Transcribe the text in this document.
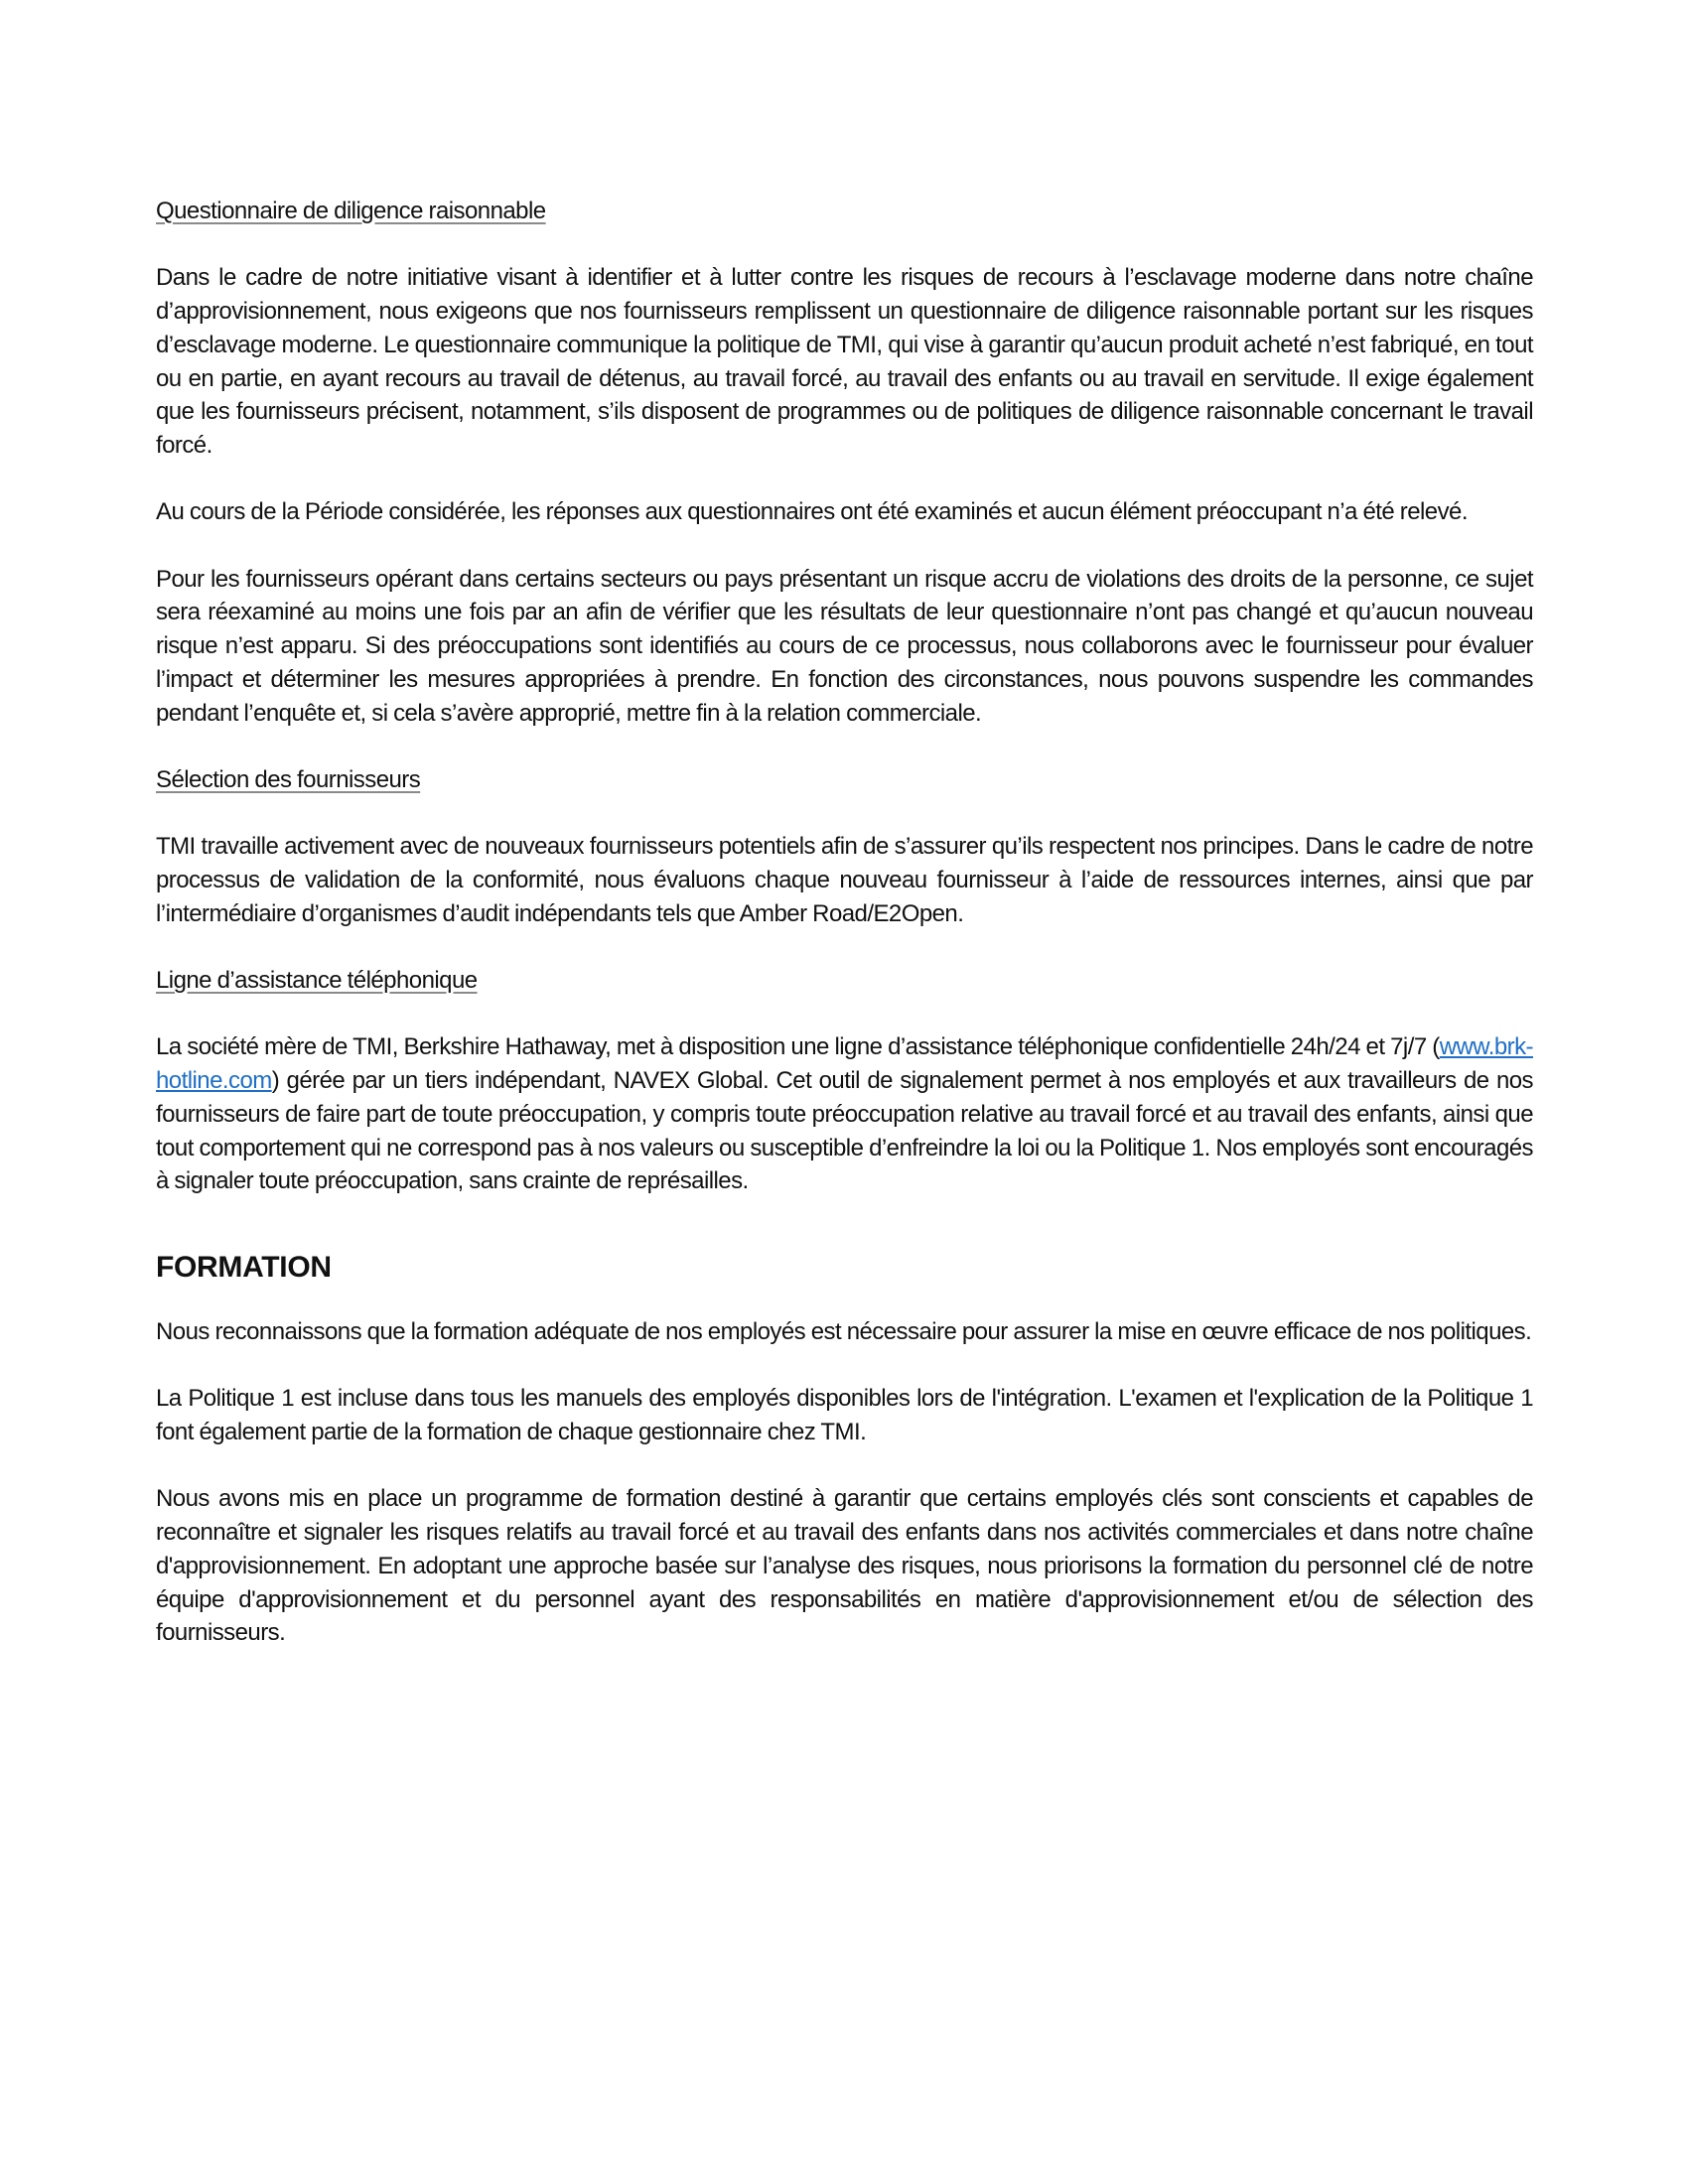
Questionnaire de diligence raisonnable

Dans le cadre de notre initiative visant à identifier et à lutter contre les risques de recours à l’esclavage moderne dans notre chaîne d’approvisionnement, nous exigeons que nos fournisseurs remplissent un questionnaire de diligence raisonnable portant sur les risques d’esclavage moderne. Le questionnaire communique la politique de TMI, qui vise à garantir qu’aucun produit acheté n’est fabriqué, en tout ou en partie, en ayant recours au travail de détenus, au travail forcé, au travail des enfants ou au travail en servitude. Il exige également que les fournisseurs précisent, notamment, s’ils disposent de programmes ou de politiques de diligence raisonnable concernant le travail forcé.

Au cours de la Période considérée, les réponses aux questionnaires ont été examinés et aucun élément préoccupant n’a été relevé.

Pour les fournisseurs opérant dans certains secteurs ou pays présentant un risque accru de violations des droits de la personne, ce sujet sera réexaminé au moins une fois par an afin de vérifier que les résultats de leur questionnaire n’ont pas changé et qu’aucun nouveau risque n’est apparu. Si des préoccupations sont identifiés au cours de ce processus, nous collaborons avec le fournisseur pour évaluer l’impact et déterminer les mesures appropriées à prendre. En fonction des circonstances, nous pouvons suspendre les commandes pendant l’enquête et, si cela s’avère approprié, mettre fin à la relation commerciale.

Sélection des fournisseurs

TMI travaille activement avec de nouveaux fournisseurs potentiels afin de s’assurer qu’ils respectent nos principes. Dans le cadre de notre processus de validation de la conformité, nous évaluons chaque nouveau fournisseur à l’aide de ressources internes, ainsi que par l’intermédiaire d’organismes d’audit indépendants tels que Amber Road/E2Open.

Ligne d’assistance téléphonique

La société mère de TMI, Berkshire Hathaway, met à disposition une ligne d’assistance téléphonique confidentielle 24h/24 et 7j/7 (www.brk-hotline.com) gérée par un tiers indépendant, NAVEX Global. Cet outil de signalement permet à nos employés et aux travailleurs de nos fournisseurs de faire part de toute préoccupation, y compris toute préoccupation relative au travail forcé et au travail des enfants, ainsi que tout comportement qui ne correspond pas à nos valeurs ou susceptible d’enfreindre la loi ou la Politique 1. Nos employés sont encouragés à signaler toute préoccupation, sans crainte de représailles.

FORMATION

Nous reconnaissons que la formation adéquate de nos employés est nécessaire pour assurer la mise en œuvre efficace de nos politiques.

La Politique 1 est incluse dans tous les manuels des employés disponibles lors de l'intégration. L'examen et l'explication de la Politique 1 font également partie de la formation de chaque gestionnaire chez TMI.

Nous avons mis en place un programme de formation destiné à garantir que certains employés clés sont conscients et capables de reconnaître et signaler les risques relatifs au travail forcé et au travail des enfants dans nos activités commerciales et dans notre chaîne d'approvisionnement. En adoptant une approche basée sur l’analyse des risques, nous priorisons la formation du personnel clé de notre équipe d'approvisionnement et du personnel ayant des responsabilités en matière d'approvisionnement et/ou de sélection des fournisseurs.
